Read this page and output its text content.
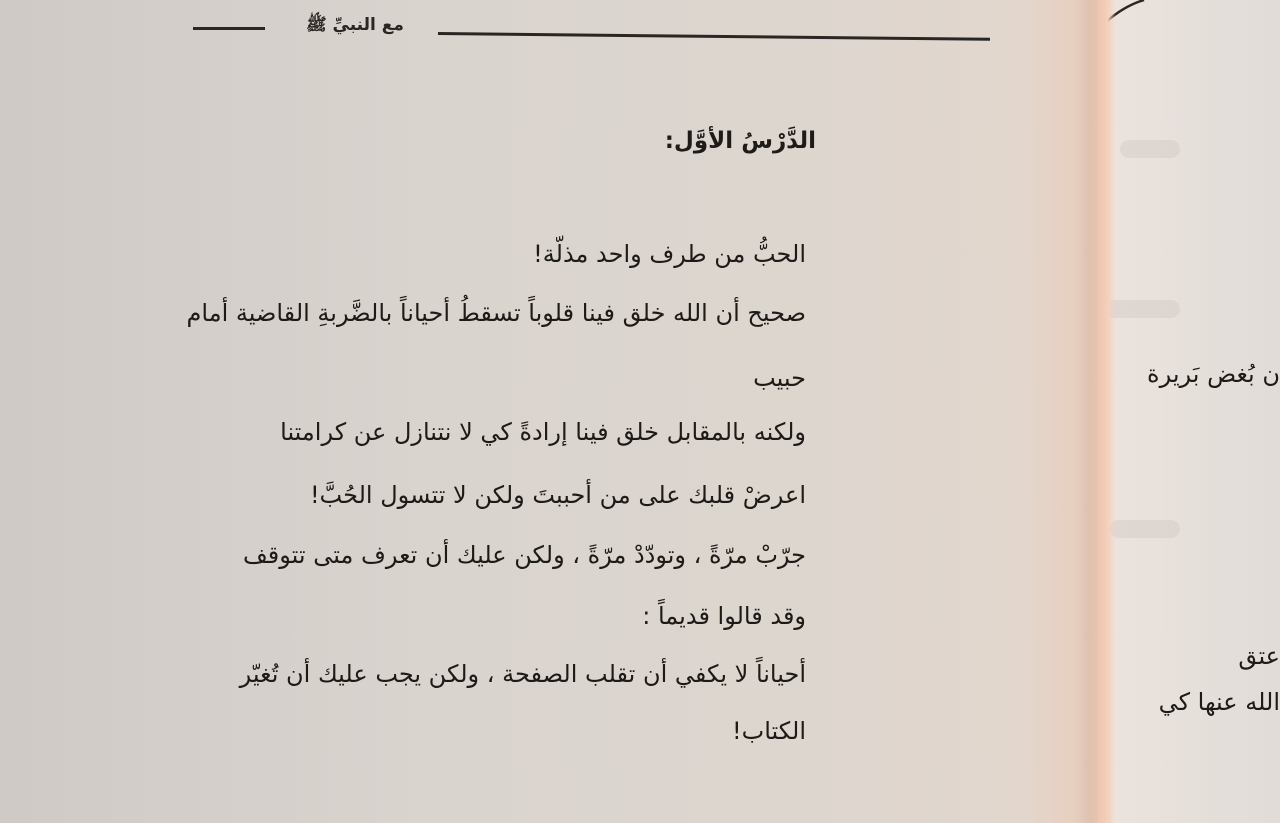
مع النبيِّ ﷺ
الدَّرْسُ الأوَّل:
الحبُّ من طرف واحد مذلّة!
صحيح أن الله خلق فينا قلوباً تسقطُ أحياناً بالضَّربةِ القاضية أمام
حبيب
ولكنه بالمقابل خلق فينا إرادةً كي لا نتنازل عن كرامتنا
اعرضْ قلبك على من أحببتَ ولكن لا تتسول الحُبَّ!
جرّبْ مرّةً ، وتودّدْ مرّةً ، ولكن عليك أن تعرف متى تتوقف
وقد قالوا قديماً :
أحياناً لا يكفي أن تقلب الصفحة ، ولكن يجب عليك أن تُغيّر
الكتاب!
ن بُغض بَريرة
عتق
الله عنها كي
